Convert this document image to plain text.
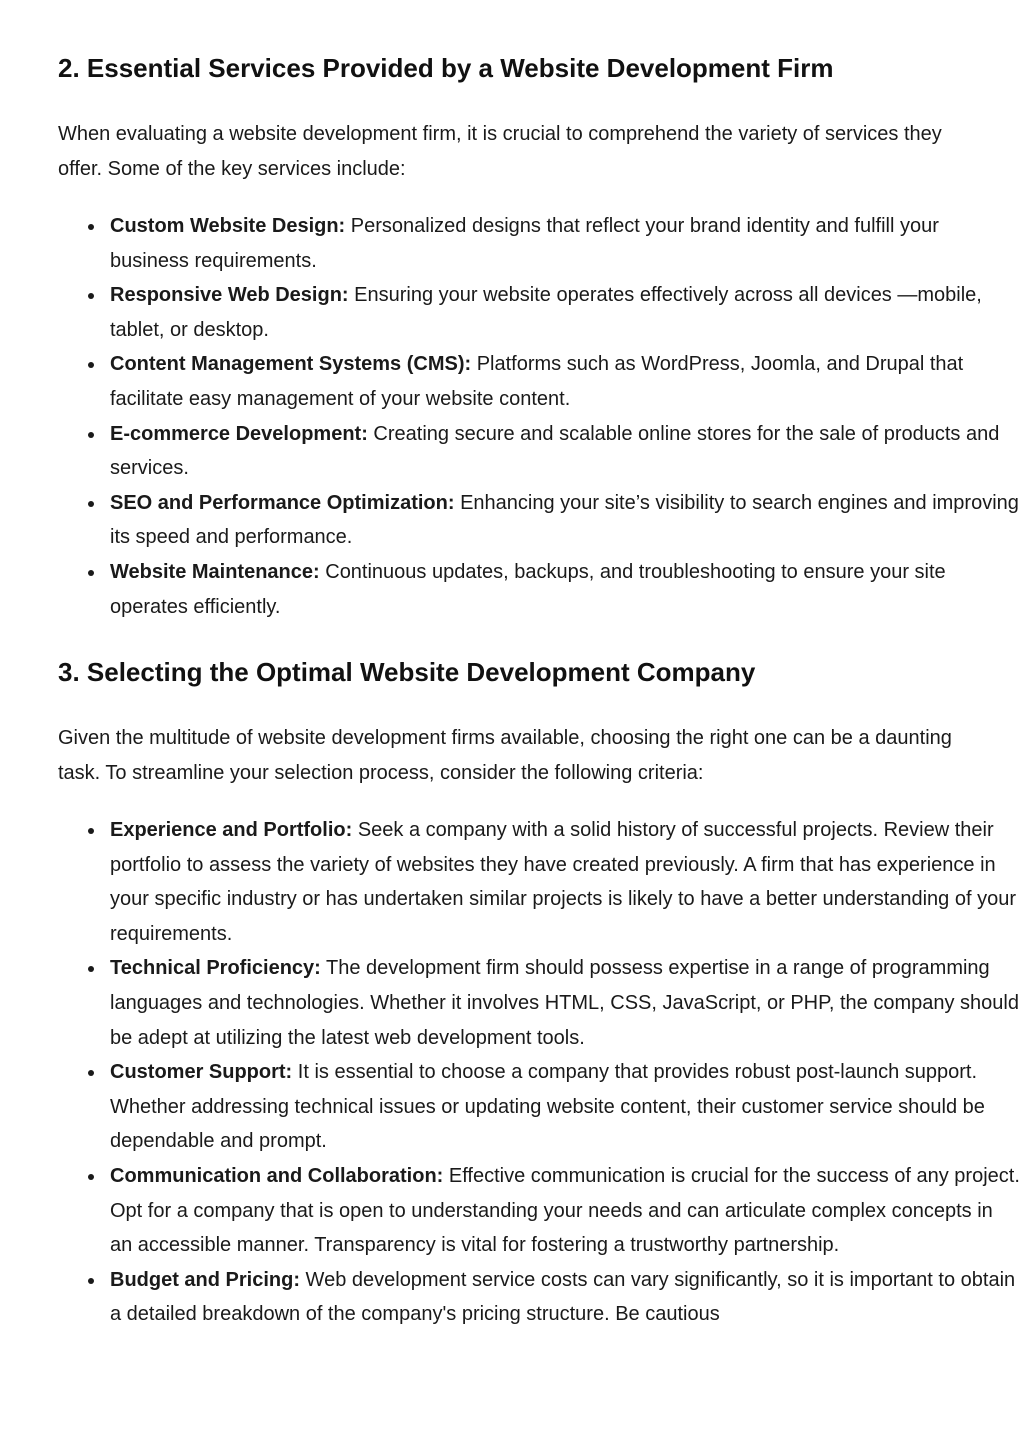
2. Essential Services Provided by a Website Development Firm

When evaluating a website development firm, it is crucial to comprehend the variety of services they offer. Some of the key services include:

Custom Website Design: Personalized designs that reflect your brand identity and fulfill your business requirements.
Responsive Web Design: Ensuring your website operates effectively across all devices —mobile, tablet, or desktop.
Content Management Systems (CMS): Platforms such as WordPress, Joomla, and Drupal that facilitate easy management of your website content.
E-commerce Development: Creating secure and scalable online stores for the sale of products and services.
SEO and Performance Optimization: Enhancing your site’s visibility to search engines and improving its speed and performance.
Website Maintenance: Continuous updates, backups, and troubleshooting to ensure your site operates efficiently.
3. Selecting the Optimal Website Development Company

Given the multitude of website development firms available, choosing the right one can be a daunting task. To streamline your selection process, consider the following criteria:

Experience and Portfolio: Seek a company with a solid history of successful projects. Review their portfolio to assess the variety of websites they have created previously. A firm that has experience in your specific industry or has undertaken similar projects is likely to have a better understanding of your requirements.
Technical Proficiency: The development firm should possess expertise in a range of programming languages and technologies. Whether it involves HTML, CSS, JavaScript, or PHP, the company should be adept at utilizing the latest web development tools.
Customer Support: It is essential to choose a company that provides robust post-launch support. Whether addressing technical issues or updating website content, their customer service should be dependable and prompt.
Communication and Collaboration: Effective communication is crucial for the success of any project. Opt for a company that is open to understanding your needs and can articulate complex concepts in an accessible manner. Transparency is vital for fostering a trustworthy partnership.
Budget and Pricing: Web development service costs can vary significantly, so it is important to obtain a detailed breakdown of the company's pricing structure. Be cautious
